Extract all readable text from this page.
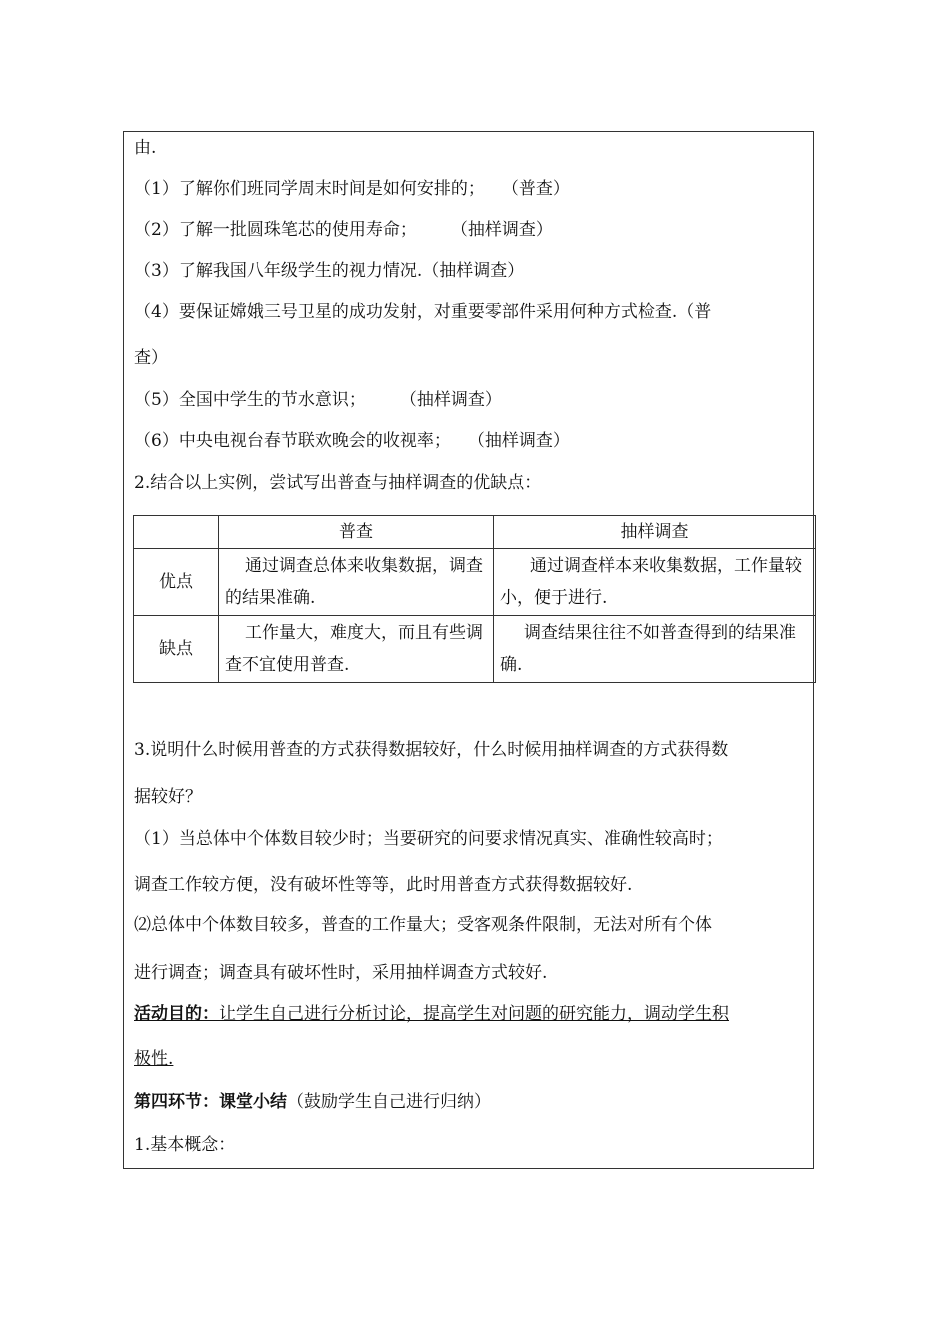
由.
（1）了解你们班同学周末时间是如何安排的；　　（普查）
（2）了解一批圆珠笔芯的使用寿命；　　　（抽样调查）
（3）了解我国八年级学生的视力情况.（抽样调查）
（4）要保证嫦娥三号卫星的成功发射，对重要零部件采用何种方式检查.（普
查）
（5）全国中学生的节水意识；　　　（抽样调查）
（6）中央电视台春节联欢晚会的收视率；　　（抽样调查）
2.结合以上实例，尝试写出普查与抽样调查的优缺点：
	普查	抽样调查
优点	通过调查总体来收集数据，调查的结果准确.	通过调查样本来收集数据，工作量较小，便于进行.
缺点	工作量大，难度大，而且有些调查不宜使用普查.	调查结果往往不如普查得到的结果准确.
3.说明什么时候用普查的方式获得数据较好，什么时候用抽样调查的方式获得数
据较好？
（1）当总体中个体数目较少时；当要研究的问要求情况真实、准确性较高时；
调查工作较方便，没有破坏性等等，此时用普查方式获得数据较好.
⑵总体中个体数目较多，普查的工作量大；受客观条件限制，无法对所有个体
进行调查；调查具有破坏性时，采用抽样调查方式较好.
活动目的：让学生自己进行分析讨论，提高学生对问题的研究能力，调动学生积
极性.
第四环节：课堂小结（鼓励学生自己进行归纳）
1.基本概念：
